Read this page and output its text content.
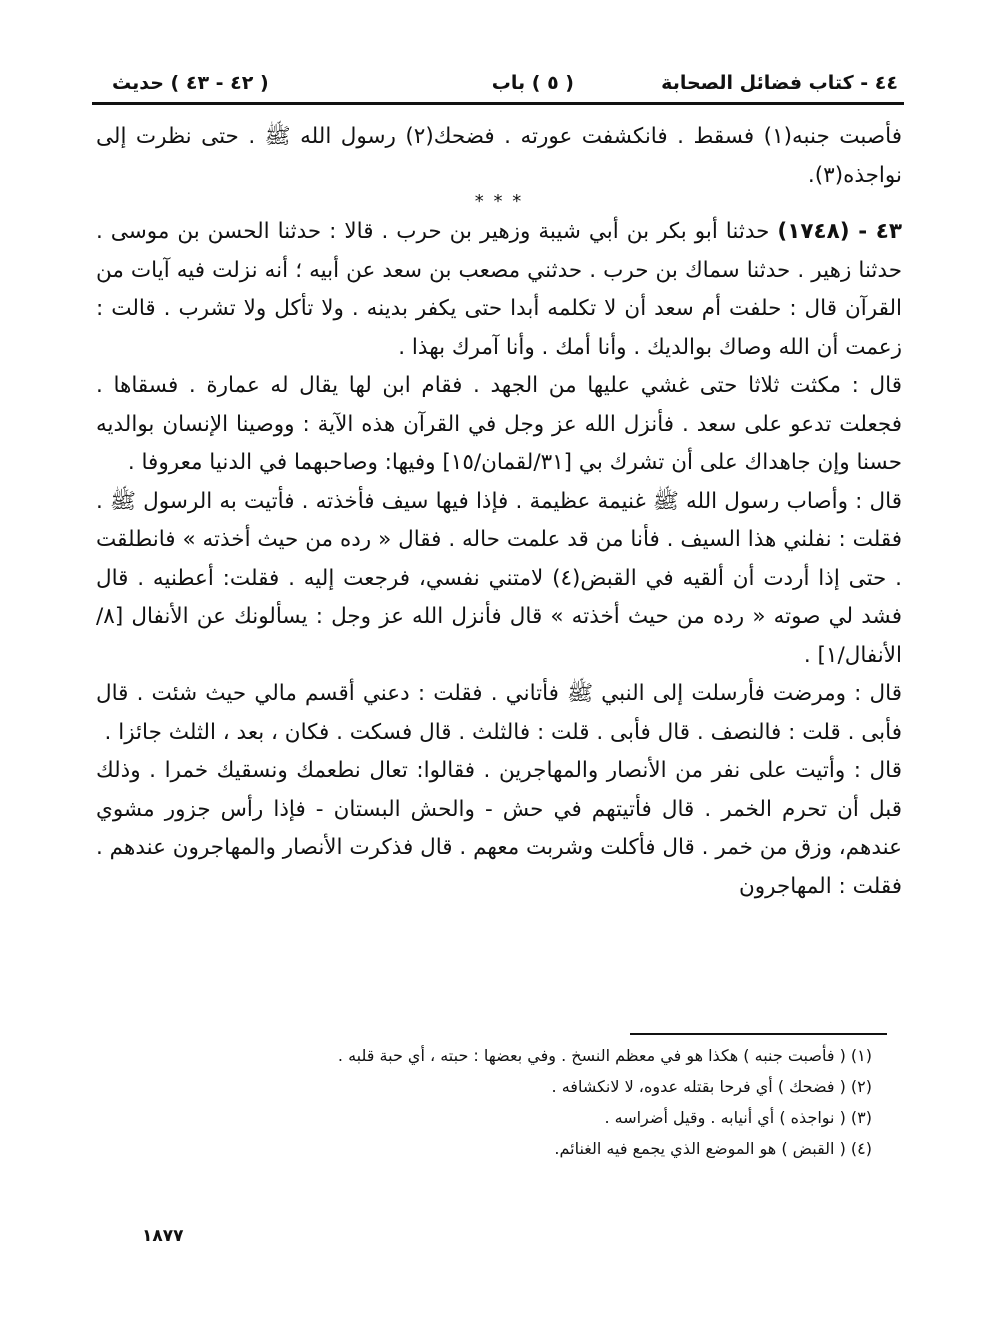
٤٤ - كتاب فضائل الصحابة
( ٥ ) باب
( ٤٢ - ٤٣ ) حديث

فأصبت جنبه(١) فسقط . فانكشفت عورته . فضحك(٢) رسول الله ﷺ . حتى نظرت إلى نواجذه(٣).

* * *

٤٣ - (١٧٤٨) حدثنا أبو بكر بن أبي شيبة وزهير بن حرب . قالا : حدثنا الحسن بن موسى . حدثنا زهير . حدثنا سماك بن حرب . حدثني مصعب بن سعد عن أبيه ؛ أنه نزلت فيه آيات من القرآن قال : حلفت أم سعد أن لا تكلمه أبدا حتى يكفر بدينه . ولا تأكل ولا تشرب . قالت : زعمت أن الله وصاك بوالديك . وأنا أمك . وأنا آمرك بهذا .

قال : مكثت ثلاثا حتى غشي عليها من الجهد . فقام ابن لها يقال له عمارة . فسقاها . فجعلت تدعو على سعد . فأنزل الله عز وجل في القرآن هذه الآية : ووصينا الإنسان بوالديه حسنا وإن جاهداك على أن تشرك بي [٣١/لقمان/١٥] وفيها: وصاحبهما في الدنيا معروفا .

قال : وأصاب رسول الله ﷺ غنيمة عظيمة . فإذا فيها سيف فأخذته . فأتيت به الرسول ﷺ . فقلت : نفلني هذا السيف . فأنا من قد علمت حاله . فقال « رده من حيث أخذته » فانطلقت . حتى إذا أردت أن ألقيه في القبض(٤) لامتني نفسي، فرجعت إليه . فقلت: أعطنيه . قال فشد لي صوته « رده من حيث أخذته » قال فأنزل الله عز وجل : يسألونك عن الأنفال [٨/الأنفال/١] .

قال : ومرضت فأرسلت إلى النبي ﷺ فأتاني . فقلت : دعني أقسم مالي حيث شئت . قال فأبى . قلت : فالنصف . قال فأبى . قلت : فالثلث . قال فسكت . فكان ، بعد ، الثلث جائزا .

قال : وأتيت على نفر من الأنصار والمهاجرين . فقالوا: تعال نطعمك ونسقيك خمرا . وذلك قبل أن تحرم الخمر . قال فأتيتهم في حش - والحش البستان - فإذا رأس جزور مشوي عندهم، وزق من خمر . قال فأكلت وشربت معهم . قال فذكرت الأنصار والمهاجرون عندهم . فقلت : المهاجرون

(١) ( فأصبت جنبه ) هكذا هو في معظم النسخ . وفي بعضها : حبته ، أي حبة قلبه .

(٢) ( فضحك ) أي فرحا بقتله عدوه، لا لانكشافه .

(٣) ( نواجذه ) أي أنيابه . وقيل أضراسه .

(٤) ( القبض ) هو الموضع الذي يجمع فيه الغنائم.

١٨٧٧
